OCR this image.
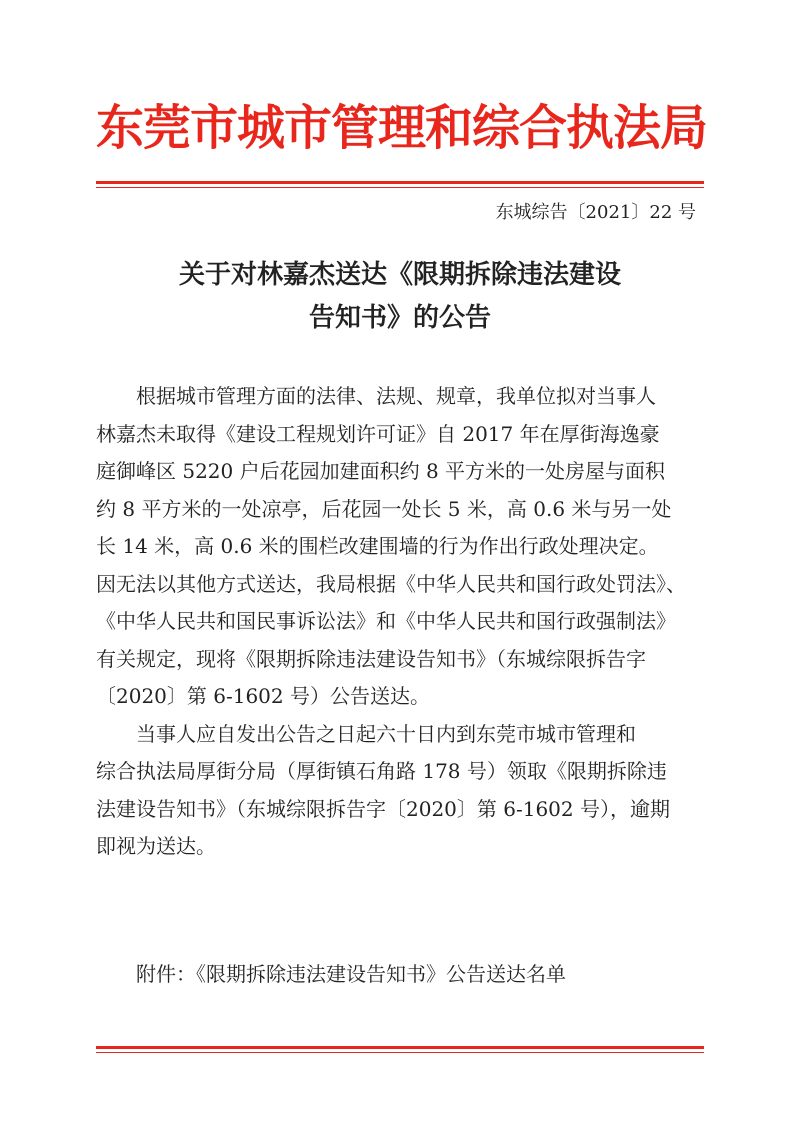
东莞市城市管理和综合执法局
东城综告〔2021〕22 号
关于对林嘉杰送达《限期拆除违法建设
告知书》的公告
　　根据城市管理方面的法律、法规、规章，我单位拟对当事人
林嘉杰未取得《建设工程规划许可证》自 2017 年在厚街海逸豪
庭御峰区 5220 户后花园加建面积约 8 平方米的一处房屋与面积
约 8 平方米的一处凉亭，后花园一处长 5 米，高 0.6 米与另一处
长 14 米，高 0.6 米的围栏改建围墙的行为作出行政处理决定。
因无法以其他方式送达，我局根据《中华人民共和国行政处罚法》、
《中华人民共和国民事诉讼法》和《中华人民共和国行政强制法》
有关规定，现将《限期拆除违法建设告知书》（东城综限拆告字
〔2020〕第 6-1602 号）公告送达。
　　当事人应自发出公告之日起六十日内到东莞市城市管理和
综合执法局厚街分局（厚街镇石角路 178 号）领取《限期拆除违
法建设告知书》（东城综限拆告字〔2020〕第 6-1602 号），逾期
即视为送达。
附件：《限期拆除违法建设告知书》公告送达名单
